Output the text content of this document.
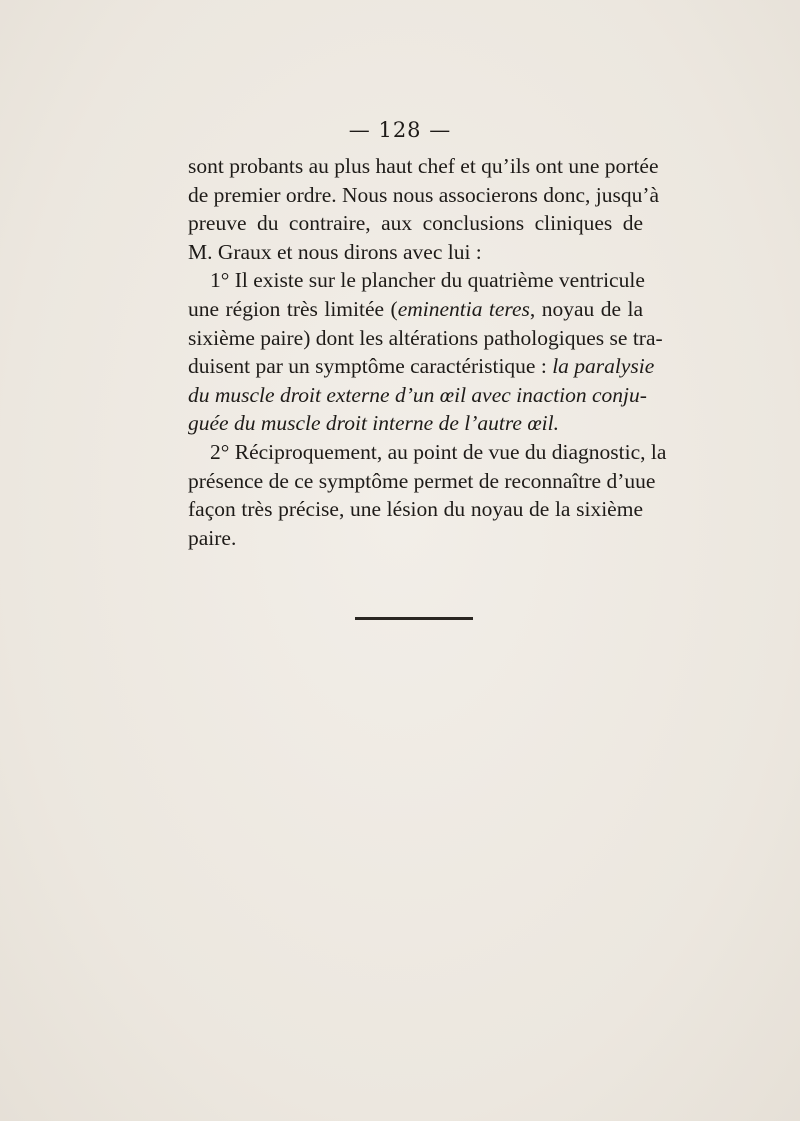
— 128 —

sont probants au plus haut chef et qu’ils ont une portée
de premier ordre. Nous nous associerons donc, jusqu’à
preuve du contraire, aux conclusions cliniques de
M. Graux et nous dirons avec lui :

1° Il existe sur le plancher du quatrième ventricule
une région très limitée (eminentia teres, noyau de la
sixième paire) dont les altérations pathologiques se tra-
duisent par un symptôme caractéristique : la paralysie
du muscle droit externe d’un œil avec inaction conju-
guée du muscle droit interne de l’autre œil.

2° Réciproquement, au point de vue du diagnostic, la
présence de ce symptôme permet de reconnaître d’uue
façon très précise, une lésion du noyau de la sixième
paire.
